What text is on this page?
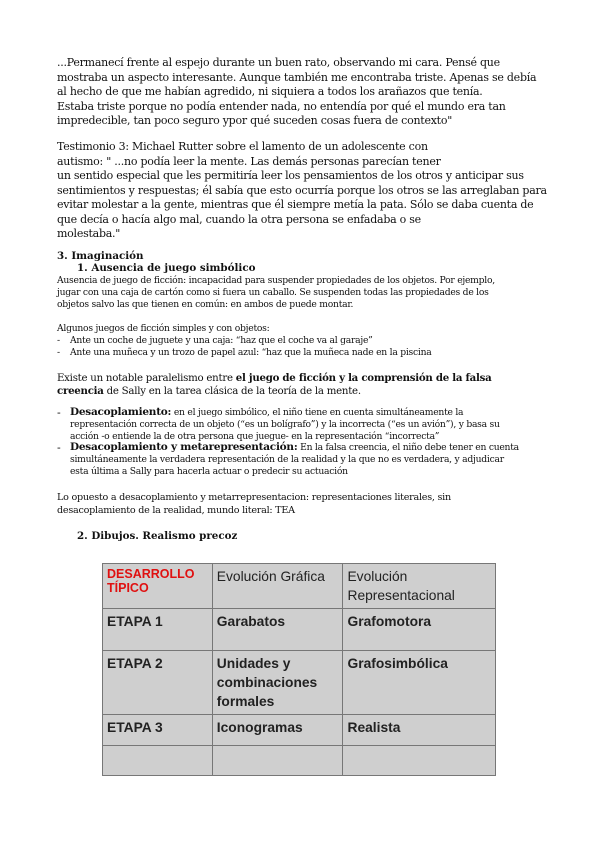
...Permanecí frente al espejo durante un buen rato, observando mi cara. Pensé que
mostraba un aspecto interesante. Aunque también me encontraba triste. Apenas se debía
al hecho de que me habían agredido, ni siquiera a todos los arañazos que tenía.
Estaba triste porque no podía entender nada, no entendía por qué el mundo era tan
impredecible, tan poco seguro ypor qué suceden cosas fuera de contexto"
Testimonio 3: Michael Rutter sobre el lamento de un adolescente con
autismo: " ...no podía leer la mente. Las demás personas parecían tener
un sentido especial que les permitiría leer los pensamientos de los otros y anticipar sus
sentimientos y respuestas; él sabía que esto ocurría porque los otros se las arreglaban para
evitar molestar a la gente, mientras que él siempre metía la pata. Sólo se daba cuenta de
que decía o hacía algo mal, cuando la otra persona se enfadaba o se
molestaba."
3. Imaginación
1. Ausencia de juego simbólico
Ausencia de juego de ficción: incapacidad para suspender propiedades de los objetos. Por ejemplo,
jugar con una caja de cartón como si fuera un caballo. Se suspenden todas las propiedades de los
objetos salvo las que tienen en común: en ambos de puede montar.
Algunos juegos de ficción simples y con objetos:
- Ante un coche de juguete y una caja: “haz que el coche va al garaje”
- Ante una muñeca y un trozo de papel azul: “haz que la muñeca nade en la piscina
Existe un notable paralelismo entre el juego de ficción y la comprensión de la falsa
creencia de Sally en la tarea clásica de la teoría de la mente.
- Desacoplamiento: en el juego simbólico, el niño tiene en cuenta simultáneamente la
representación correcta de un objeto (“es un bolígrafo”) y la incorrecta (“es un avión”), y basa su
acción -o entiende la de otra persona que juegue- en la representación “incorrecta”
- Desacoplamiento y metarepresentación: En la falsa creencia, el niño debe tener en cuenta
simultáneamente la verdadera representación de la realidad y la que no es verdadera, y adjudicar
esta última a Sally para hacerla actuar o predecir su actuación
Lo opuesto a desacoplamiento y metarrepresentacion: representaciones literales, sin
desacoplamiento de la realidad, mundo literal: TEA
2. Dibujos. Realismo precoz
DESARROLLO TÍPICO	Evolución Gráfica	Evolución Representacional
ETAPA 1	Garabatos	Grafomotora
ETAPA 2	Unidades y combinaciones formales	Grafosimbólica
ETAPA 3	Iconogramas	Realista
